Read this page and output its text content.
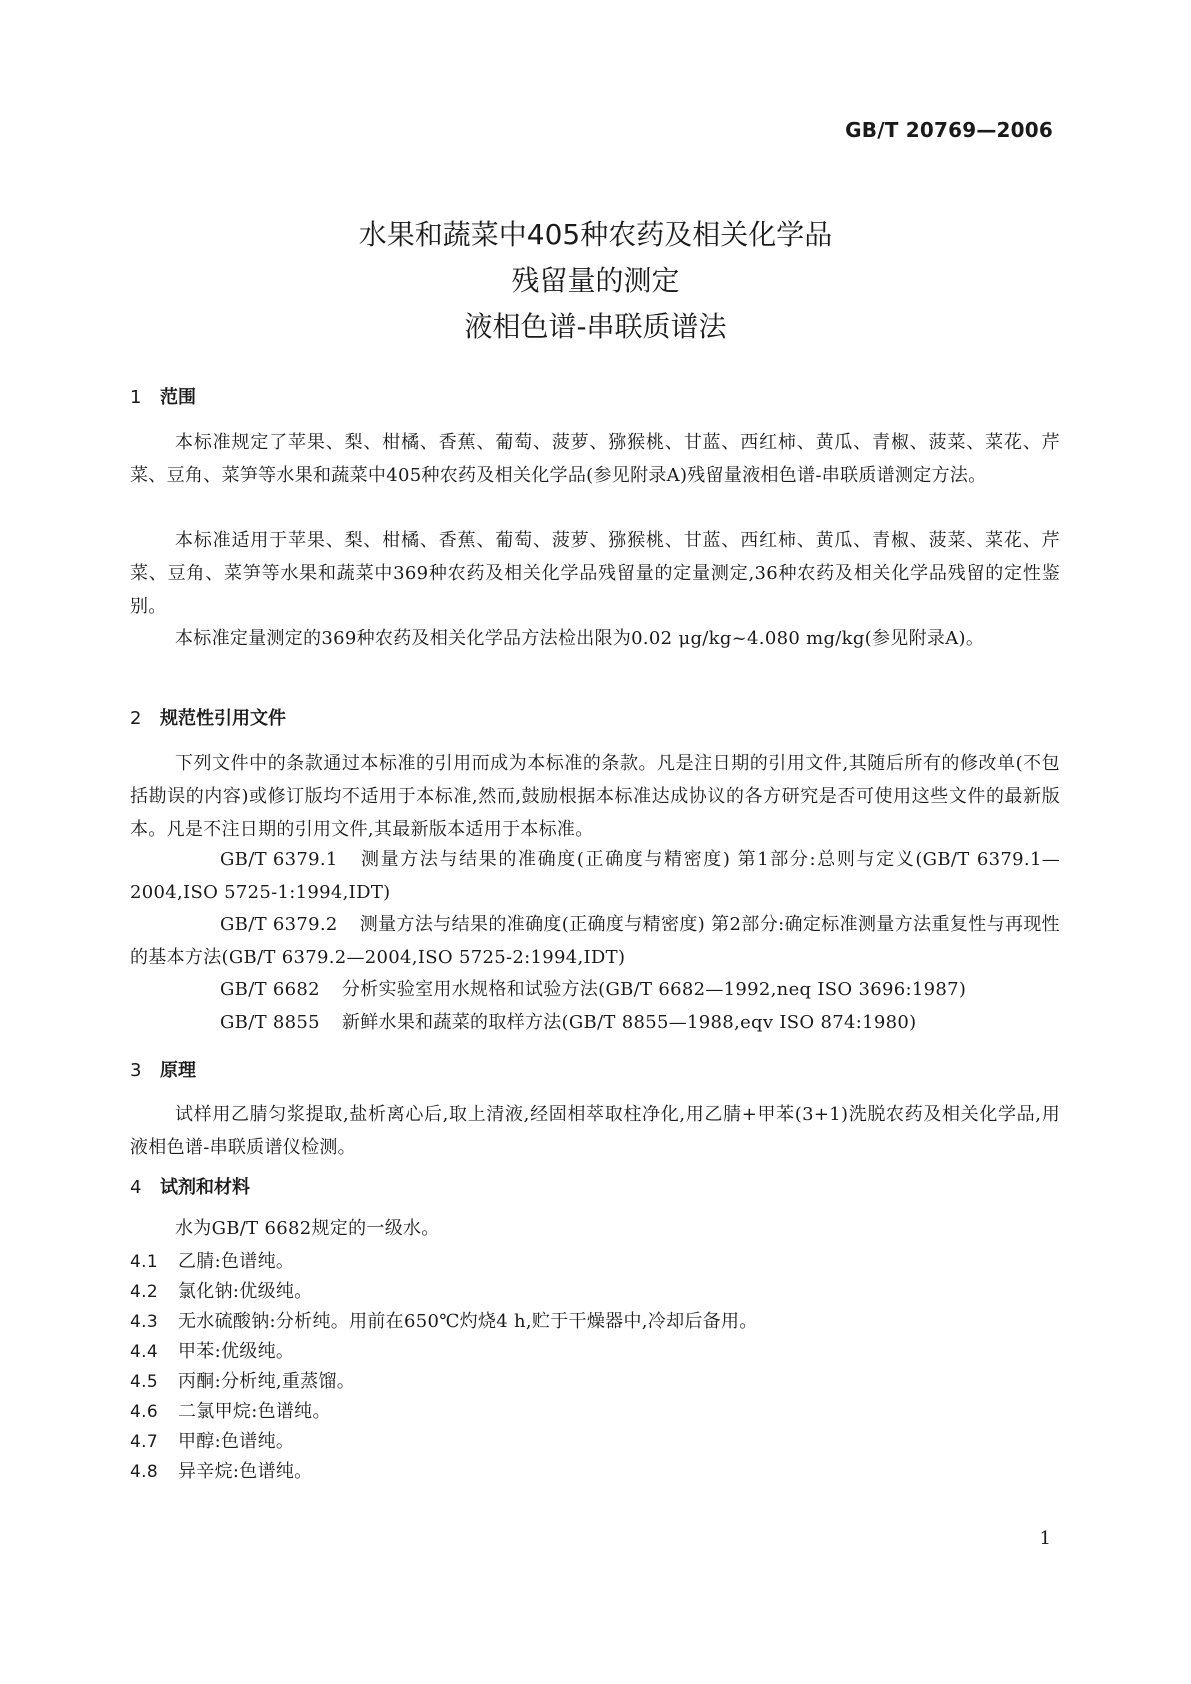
GB/T 20769—2006
水果和蔬菜中405种农药及相关化学品
残留量的测定
液相色谱-串联质谱法
1 范围
本标准规定了苹果、梨、柑橘、香蕉、葡萄、菠萝、猕猴桃、甘蓝、西红柿、黄瓜、青椒、菠菜、菜花、芹菜、豆角、菜笋等水果和蔬菜中405种农药及相关化学品(参见附录A)残留量液相色谱-串联质谱测定方法。
本标准适用于苹果、梨、柑橘、香蕉、葡萄、菠萝、猕猴桃、甘蓝、西红柿、黄瓜、青椒、菠菜、菜花、芹菜、豆角、菜笋等水果和蔬菜中369种农药及相关化学品残留量的定量测定,36种农药及相关化学品残留的定性鉴别。
本标准定量测定的369种农药及相关化学品方法检出限为0.02 μg/kg~4.080 mg/kg(参见附录A)。
2 规范性引用文件
下列文件中的条款通过本标准的引用而成为本标准的条款。凡是注日期的引用文件,其随后所有的修改单(不包括勘误的内容)或修订版均不适用于本标准,然而,鼓励根据本标准达成协议的各方研究是否可使用这些文件的最新版本。凡是不注日期的引用文件,其最新版本适用于本标准。
GB/T 6379.1 测量方法与结果的准确度(正确度与精密度) 第1部分:总则与定义(GB/T 6379.1—2004,ISO 5725-1:1994,IDT)
GB/T 6379.2 测量方法与结果的准确度(正确度与精密度) 第2部分:确定标准测量方法重复性与再现性的基本方法(GB/T 6379.2—2004,ISO 5725-2:1994,IDT)
GB/T 6682 分析实验室用水规格和试验方法(GB/T 6682—1992,neq ISO 3696:1987)
GB/T 8855 新鲜水果和蔬菜的取样方法(GB/T 8855—1988,eqv ISO 874:1980)
3 原理
试样用乙腈匀浆提取,盐析离心后,取上清液,经固相萃取柱净化,用乙腈+甲苯(3+1)洗脱农药及相关化学品,用液相色谱-串联质谱仪检测。
4 试剂和材料
水为GB/T 6682规定的一级水。
4.1 乙腈:色谱纯。
4.2 氯化钠:优级纯。
4.3 无水硫酸钠:分析纯。用前在650℃灼烧4 h,贮于干燥器中,冷却后备用。
4.4 甲苯:优级纯。
4.5 丙酮:分析纯,重蒸馏。
4.6 二氯甲烷:色谱纯。
4.7 甲醇:色谱纯。
4.8 异辛烷:色谱纯。
1
